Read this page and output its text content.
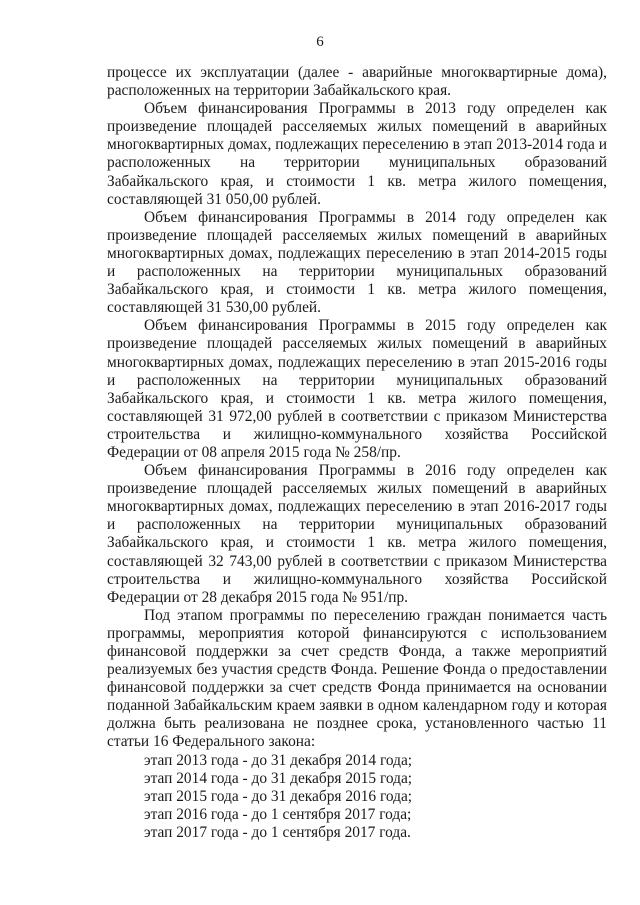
6

процессе их эксплуатации (далее - аварийные многоквартирные дома), расположенных на территории Забайкальского края.

Объем финансирования Программы в 2013 году определен как произведение площадей расселяемых жилых помещений в аварийных многоквартирных домах, подлежащих переселению в этап 2013-2014 года и расположенных на территории муниципальных образований Забайкальского края, и стоимости 1 кв. метра жилого помещения, составляющей 31 050,00 рублей.

Объем финансирования Программы в 2014 году определен как произведение площадей расселяемых жилых помещений в аварийных многоквартирных домах, подлежащих переселению в этап 2014-2015 годы и расположенных на территории муниципальных образований Забайкальского края, и стоимости 1 кв. метра жилого помещения, составляющей 31 530,00 рублей.

Объем финансирования Программы в 2015 году определен как произведение площадей расселяемых жилых помещений в аварийных многоквартирных домах, подлежащих переселению в этап 2015-2016 годы и расположенных на территории муниципальных образований Забайкальского края, и стоимости 1 кв. метра жилого помещения, составляющей 31 972,00 рублей в соответствии с приказом Министерства строительства и жилищно-коммунального хозяйства Российской Федерации от 08 апреля 2015 года № 258/пр.

Объем финансирования Программы в 2016 году определен как произведение площадей расселяемых жилых помещений в аварийных многоквартирных домах, подлежащих переселению в этап 2016-2017 годы и расположенных на территории муниципальных образований Забайкальского края, и стоимости 1 кв. метра жилого помещения, составляющей 32 743,00 рублей в соответствии с приказом Министерства строительства и жилищно-коммунального хозяйства Российской Федерации от 28 декабря 2015 года № 951/пр.

Под этапом программы по переселению граждан понимается часть программы, мероприятия которой финансируются с использованием финансовой поддержки за счет средств Фонда, а также мероприятий реализуемых без участия средств Фонда. Решение Фонда о предоставлении финансовой поддержки за счет средств Фонда принимается на основании поданной Забайкальским краем заявки в одном календарном году и которая должна быть реализована не позднее срока, установленного частью 11 статьи 16 Федерального закона:

этап 2013 года - до 31 декабря 2014 года;
этап 2014 года - до 31 декабря 2015 года;
этап 2015 года - до 31 декабря 2016 года;
этап 2016 года - до 1 сентября 2017 года;
этап 2017 года - до 1 сентября 2017 года.
